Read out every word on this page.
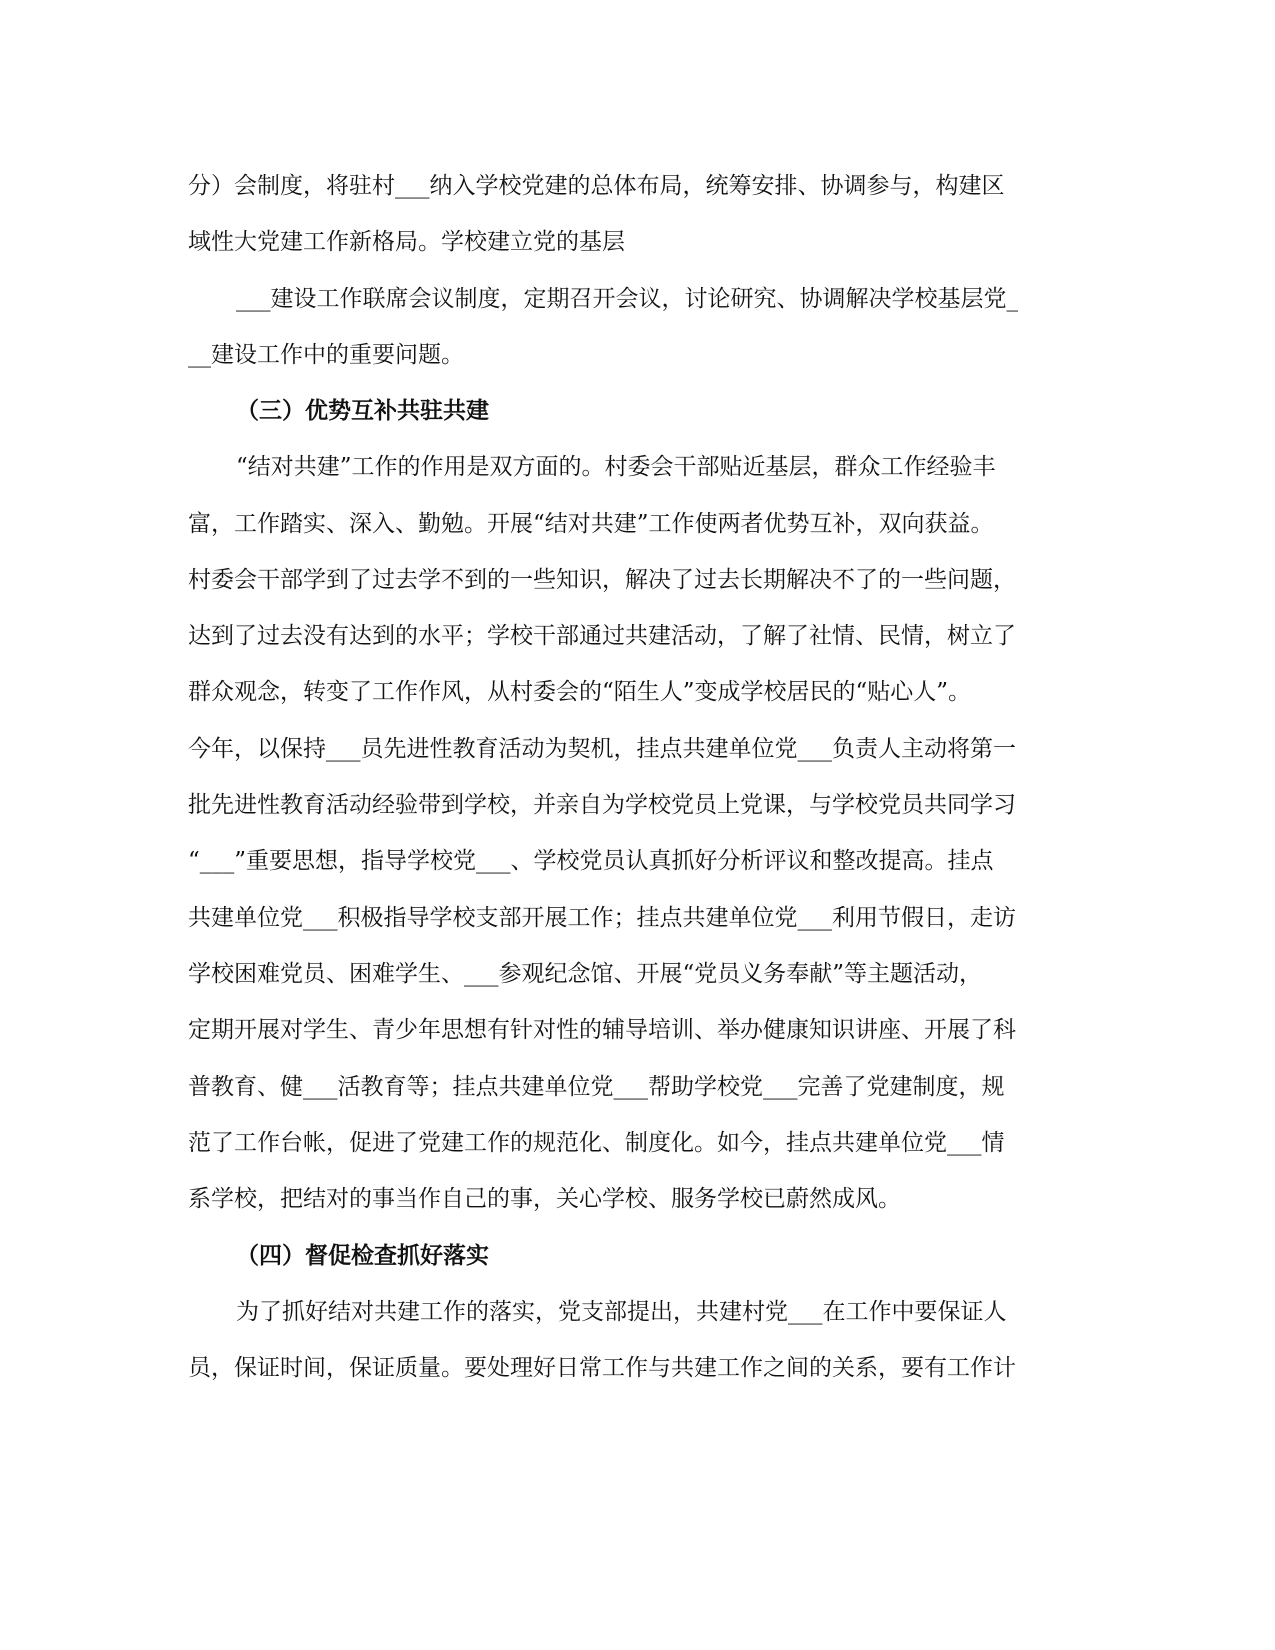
分）会制度，将驻村___纳入学校党建的总体布局，统筹安排、协调参与，构建区
域性大党建工作新格局。学校建立党的基层
___建设工作联席会议制度，定期召开会议，讨论研究、协调解决学校基层党_
__建设工作中的重要问题。
（三）优势互补共驻共建
“结对共建”工作的作用是双方面的。村委会干部贴近基层，群众工作经验丰
富，工作踏实、深入、勤勉。开展“结对共建”工作使两者优势互补，双向获益。
村委会干部学到了过去学不到的一些知识，解决了过去长期解决不了的一些问题，
达到了过去没有达到的水平；学校干部通过共建活动，了解了社情、民情，树立了
群众观念，转变了工作作风，从村委会的“陌生人”变成学校居民的“贴心人”。
今年，以保持___员先进性教育活动为契机，挂点共建单位党___负责人主动将第一
批先进性教育活动经验带到学校，并亲自为学校党员上党课，与学校党员共同学习
“___”重要思想，指导学校党___、学校党员认真抓好分析评议和整改提高。挂点
共建单位党___积极指导学校支部开展工作；挂点共建单位党___利用节假日，走访
学校困难党员、困难学生、___参观纪念馆、开展“党员义务奉献”等主题活动，
定期开展对学生、青少年思想有针对性的辅导培训、举办健康知识讲座、开展了科
普教育、健___活教育等；挂点共建单位党___帮助学校党___完善了党建制度，规
范了工作台帐，促进了党建工作的规范化、制度化。如今，挂点共建单位党___情
系学校，把结对的事当作自己的事，关心学校、服务学校已蔚然成风。
（四）督促检查抓好落实
为了抓好结对共建工作的落实，党支部提出，共建村党___在工作中要保证人
员，保证时间，保证质量。要处理好日常工作与共建工作之间的关系，要有工作计
